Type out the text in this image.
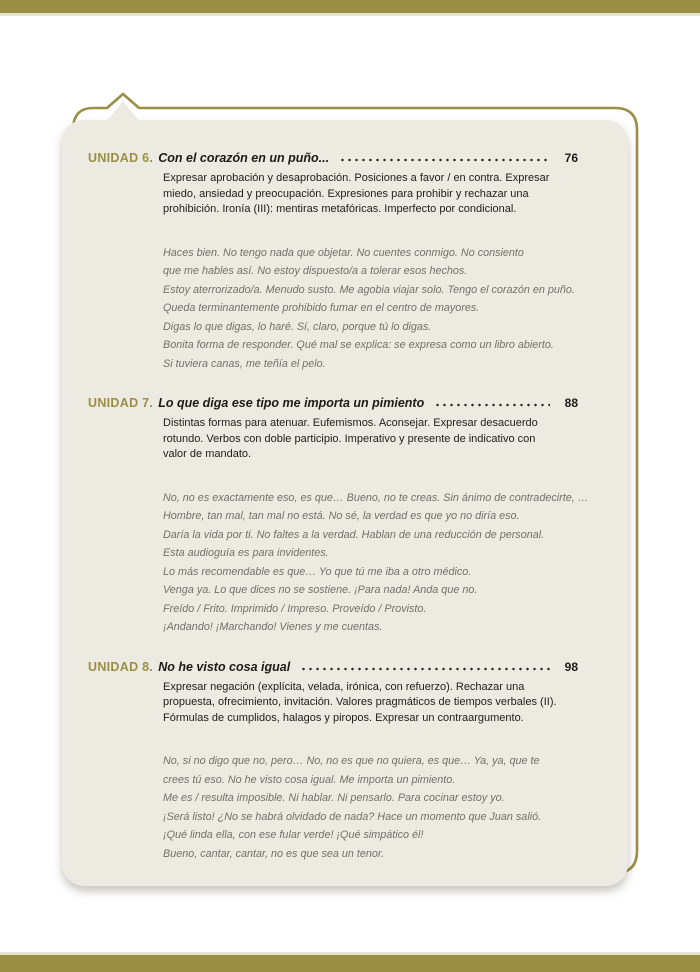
UNIDAD 6. Con el corazón en un puño...	76
Expresar aprobación y desaprobación. Posiciones a favor / en contra. Expresar
miedo, ansiedad y preocupación. Expresiones para prohibir y rechazar una
prohibición. Ironía (III): mentiras metafóricas. Imperfecto por condicional.
Haces bien. No tengo nada que objetar. No cuentes conmigo. No consiento
que me hables así. No estoy dispuesto/a a tolerar esos hechos.
Estoy aterrorizado/a. Menudo susto. Me agobia viajar solo. Tengo el corazón en puño.
Queda terminantemente prohibido fumar en el centro de mayores.
Digas lo que digas, lo haré. Sí, claro, porque tú lo digas.
Bonita forma de responder. Qué mal se explica: se expresa como un libro abierto.
Si tuviera canas, me teñía el pelo.
UNIDAD 7. Lo que diga ese tipo me importa un pimiento	88
Distintas formas para atenuar. Eufemismos. Aconsejar. Expresar desacuerdo
rotundo. Verbos con doble participio. Imperativo y presente de indicativo con
valor de mandato.
No, no es exactamente eso, es que… Bueno, no te creas. Sin ánimo de contradecirte, …
Hombre, tan mal, tan mal no está. No sé, la verdad es que yo no diría eso.
Daría la vida por ti. No faltes a la verdad. Hablan de una reducción de personal.
Esta audioguía es para invidentes.
Lo más recomendable es que… Yo que tú me iba a otro médico.
Venga ya. Lo que dices no se sostiene. ¡Para nada! Anda que no.
Freído / Frito. Imprimido / Impreso. Proveído / Provisto.
¡Andando! ¡Marchando! Vienes y me cuentas.
UNIDAD 8. No he visto cosa igual	98
Expresar negación (explícita, velada, irónica, con refuerzo). Rechazar una
propuesta, ofrecimiento, invitación. Valores pragmáticos de tiempos verbales (II).
Fórmulas de cumplidos, halagos y piropos. Expresar un contraargumento.
No, si no digo que no, pero… No, no es que no quiera, es que… Ya, ya, que te
crees tú eso. No he visto cosa igual. Me importa un pimiento.
Me es / resulta imposible. Ni hablar. Ni pensarlo. Para cocinar estoy yo.
¡Será listo! ¿No se habrá olvidado de nada? Hace un momento que Juan salió.
¡Qué linda ella, con ese fular verde! ¡Qué simpático él!
Bueno, cantar, cantar, no es que sea un tenor.
